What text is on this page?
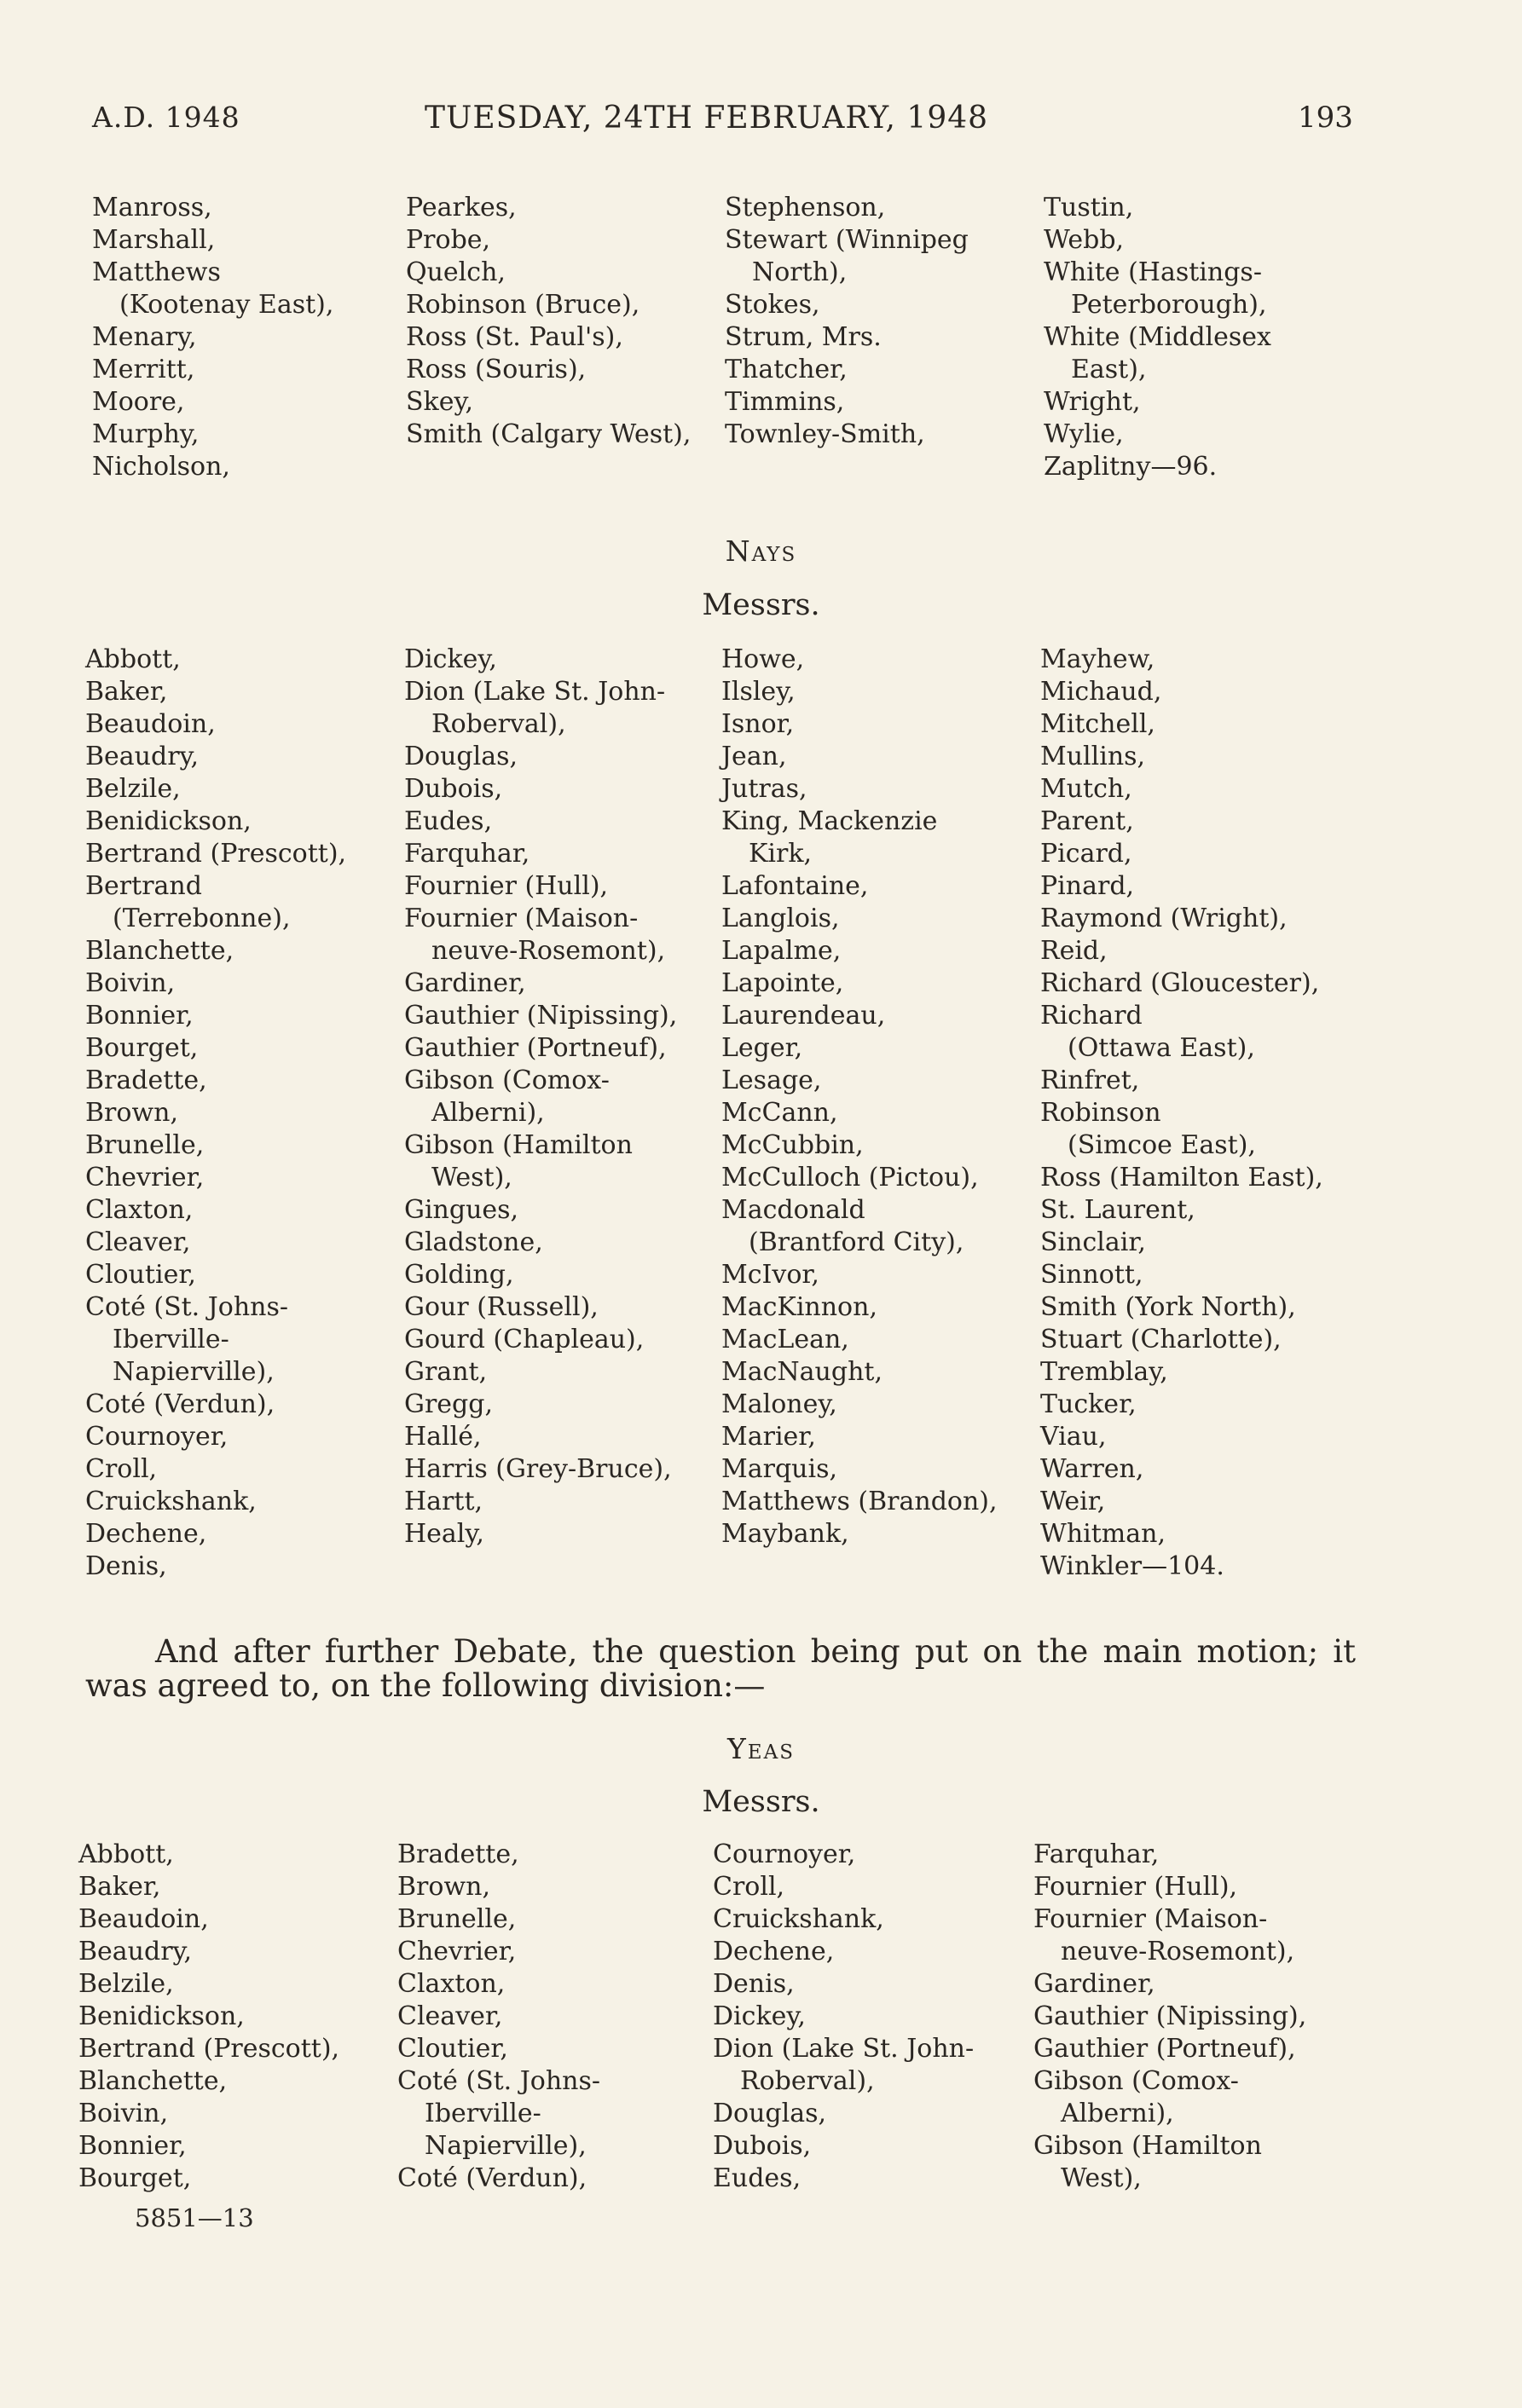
A.D. 1948	TUESDAY, 24TH FEBRUARY, 1948	193
Manross,
Marshall,
Matthews
(Kootenay East),
Menary,
Merritt,
Moore,
Murphy,
Nicholson,
Pearkes,
Probe,
Quelch,
Robinson (Bruce),
Ross (St. Paul's),
Ross (Souris),
Skey,
Smith (Calgary West),
Stephenson,
Stewart (Winnipeg
North),
Stokes,
Strum, Mrs.
Thatcher,
Timmins,
Townley-Smith,
Tustin,
Webb,
White (Hastings-
Peterborough),
White (Middlesex
East),
Wright,
Wylie,
Zaplitny—96.
Nays
Messrs.
Abbott,
Baker,
Beaudoin,
Beaudry,
Belzile,
Benidickson,
Bertrand (Prescott),
Bertrand
(Terrebonne),
Blanchette,
Boivin,
Bonnier,
Bourget,
Bradette,
Brown,
Brunelle,
Chevrier,
Claxton,
Cleaver,
Cloutier,
Coté (St. Johns-
Iberville-
Napierville),
Coté (Verdun),
Cournoyer,
Croll,
Cruickshank,
Dechene,
Denis,
Dickey,
Dion (Lake St. John-
Roberval),
Douglas,
Dubois,
Eudes,
Farquhar,
Fournier (Hull),
Fournier (Maison-
neuve-Rosemont),
Gardiner,
Gauthier (Nipissing),
Gauthier (Portneuf),
Gibson (Comox-
Alberni),
Gibson (Hamilton
West),
Gingues,
Gladstone,
Golding,
Gour (Russell),
Gourd (Chapleau),
Grant,
Gregg,
Hallé,
Harris (Grey-Bruce),
Hartt,
Healy,
Howe,
Ilsley,
Isnor,
Jean,
Jutras,
King, Mackenzie
Kirk,
Lafontaine,
Langlois,
Lapalme,
Lapointe,
Laurendeau,
Leger,
Lesage,
McCann,
McCubbin,
McCulloch (Pictou),
Macdonald
(Brantford City),
McIvor,
MacKinnon,
MacLean,
MacNaught,
Maloney,
Marier,
Marquis,
Matthews (Brandon),
Maybank,
Mayhew,
Michaud,
Mitchell,
Mullins,
Mutch,
Parent,
Picard,
Pinard,
Raymond (Wright),
Reid,
Richard (Gloucester),
Richard
(Ottawa East),
Rinfret,
Robinson
(Simcoe East),
Ross (Hamilton East),
St. Laurent,
Sinclair,
Sinnott,
Smith (York North),
Stuart (Charlotte),
Tremblay,
Tucker,
Viau,
Warren,
Weir,
Whitman,
Winkler—104.
And after further Debate, the question being put on the main motion; it was agreed to, on the following division:—
Yeas
Messrs.
Abbott,
Baker,
Beaudoin,
Beaudry,
Belzile,
Benidickson,
Bertrand (Prescott),
Blanchette,
Boivin,
Bonnier,
Bourget,
Bradette,
Brown,
Brunelle,
Chevrier,
Claxton,
Cleaver,
Cloutier,
Coté (St. Johns-
Iberville-
Napierville),
Coté (Verdun),
Cournoyer,
Croll,
Cruickshank,
Dechene,
Denis,
Dickey,
Dion (Lake St. John-
Roberval),
Douglas,
Dubois,
Eudes,
Farquhar,
Fournier (Hull),
Fournier (Maison-
neuve-Rosemont),
Gardiner,
Gauthier (Nipissing),
Gauthier (Portneuf),
Gibson (Comox-
Alberni),
Gibson (Hamilton
West),
5851—13
